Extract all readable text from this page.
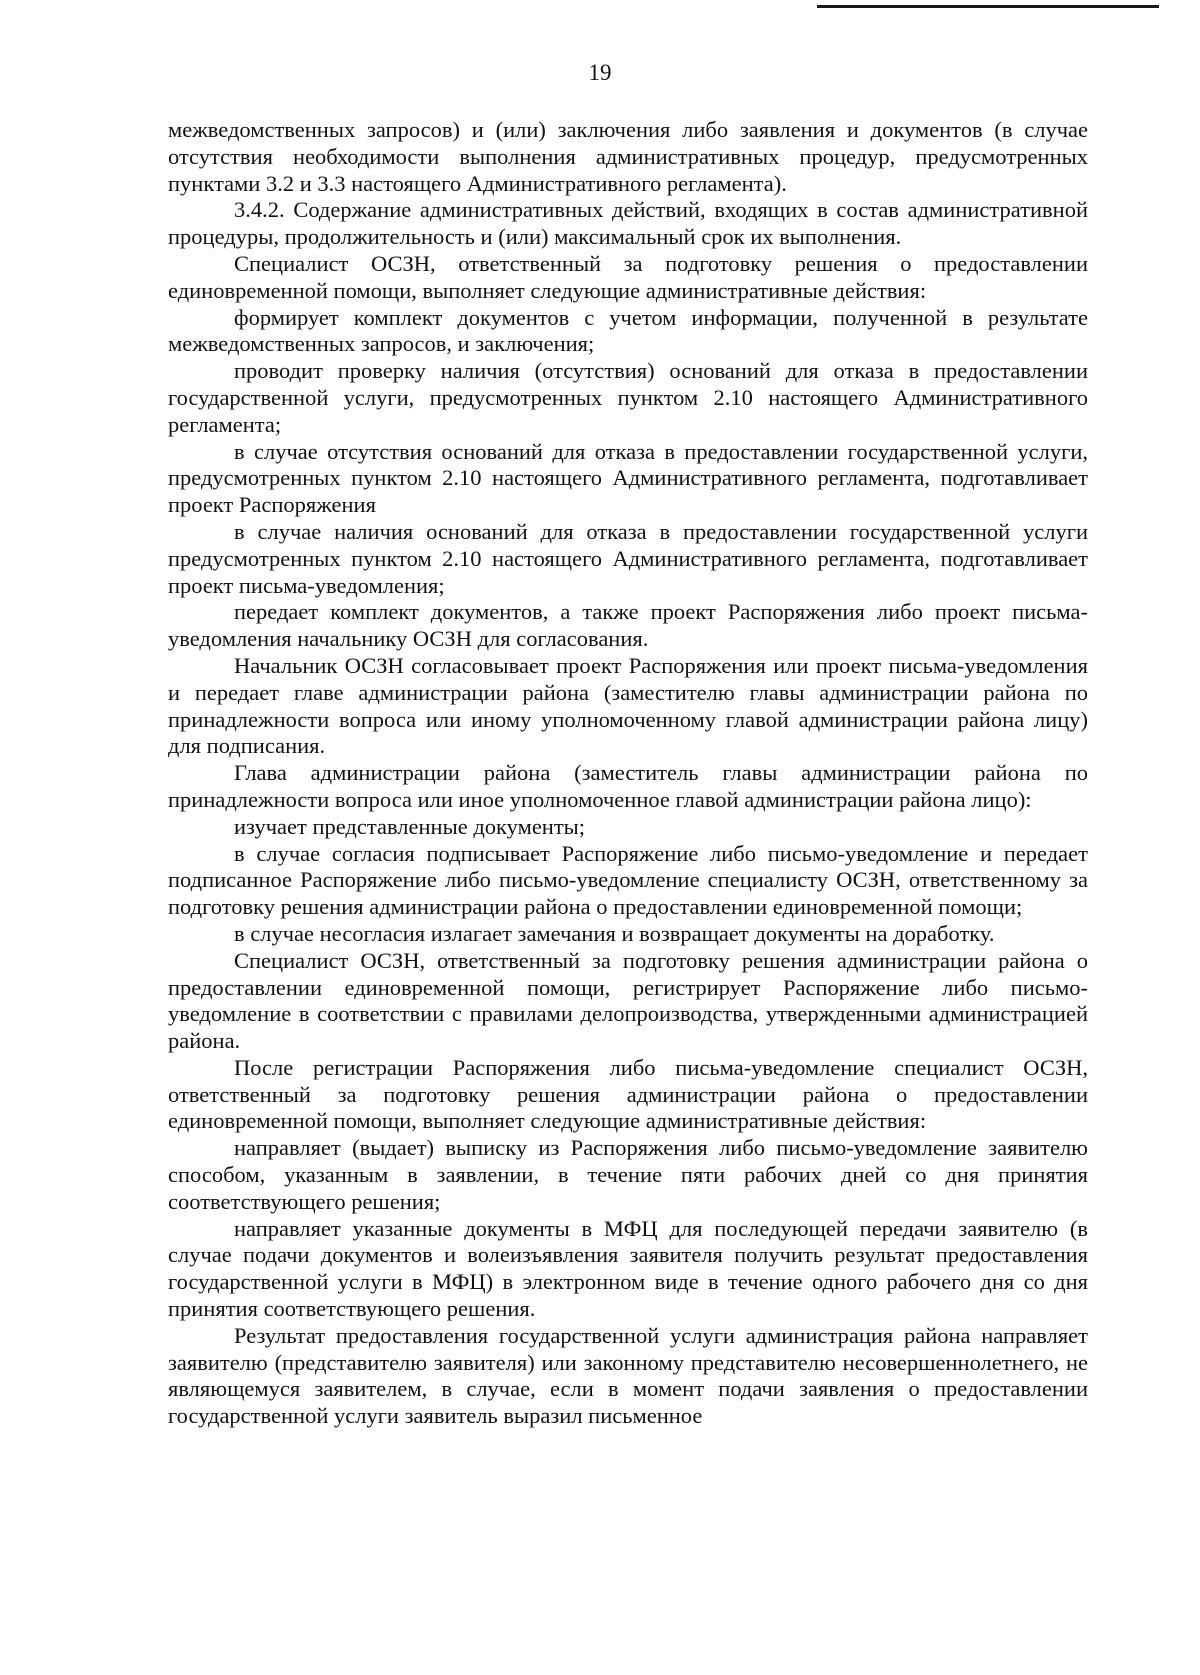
19

межведомственных запросов) и (или) заключения либо заявления и документов (в случае отсутствия необходимости выполнения административных процедур, предусмотренных пунктами 3.2 и 3.3 настоящего Административного регламента).

3.4.2. Содержание административных действий, входящих в состав административной процедуры, продолжительность и (или) максимальный срок их выполнения.

Специалист ОСЗН, ответственный за подготовку решения о предоставлении единовременной помощи, выполняет следующие административные действия:

формирует комплект документов с учетом информации, полученной в результате межведомственных запросов, и заключения;

проводит проверку наличия (отсутствия) оснований для отказа в предоставлении государственной услуги, предусмотренных пунктом 2.10 настоящего Административного регламента;

в случае отсутствия оснований для отказа в предоставлении государственной услуги, предусмотренных пунктом 2.10 настоящего Административного регламента, подготавливает проект Распоряжения

в случае наличия оснований для отказа в предоставлении государственной услуги предусмотренных пунктом 2.10 настоящего Административного регламента, подготавливает проект письма-уведомления;

передает комплект документов, а также проект Распоряжения либо проект письма-уведомления начальнику ОСЗН для согласования.

Начальник ОСЗН согласовывает проект Распоряжения или проект письма-уведомления и передает главе администрации района (заместителю главы администрации района по принадлежности вопроса или иному уполномоченному главой администрации района лицу) для подписания.

Глава администрации района (заместитель главы администрации района по принадлежности вопроса или иное уполномоченное главой администрации района лицо):

изучает представленные документы;

в случае согласия подписывает Распоряжение либо письмо-уведомление и передает подписанное Распоряжение либо письмо-уведомление специалисту ОСЗН, ответственному за подготовку решения администрации района о предоставлении единовременной помощи;

в случае несогласия излагает замечания и возвращает документы на доработку.

Специалист ОСЗН, ответственный за подготовку решения администрации района о предоставлении единовременной помощи, регистрирует Распоряжение либо письмо-уведомление в соответствии с правилами делопроизводства, утвержденными администрацией района.

После регистрации Распоряжения либо письма-уведомление специалист ОСЗН, ответственный за подготовку решения администрации района о предоставлении единовременной помощи, выполняет следующие административные действия:

направляет (выдает) выписку из Распоряжения либо письмо-уведомление заявителю способом, указанным в заявлении, в течение пяти рабочих дней со дня принятия соответствующего решения;

направляет указанные документы в МФЦ для последующей передачи заявителю (в случае подачи документов и волеизъявления заявителя получить результат предоставления государственной услуги в МФЦ) в электронном виде в течение одного рабочего дня со дня принятия соответствующего решения.

Результат предоставления государственной услуги администрация района направляет заявителю (представителю заявителя) или законному представителю несовершеннолетнего, не являющемуся заявителем, в случае, если в момент подачи заявления о предоставлении государственной услуги заявитель выразил письменное
